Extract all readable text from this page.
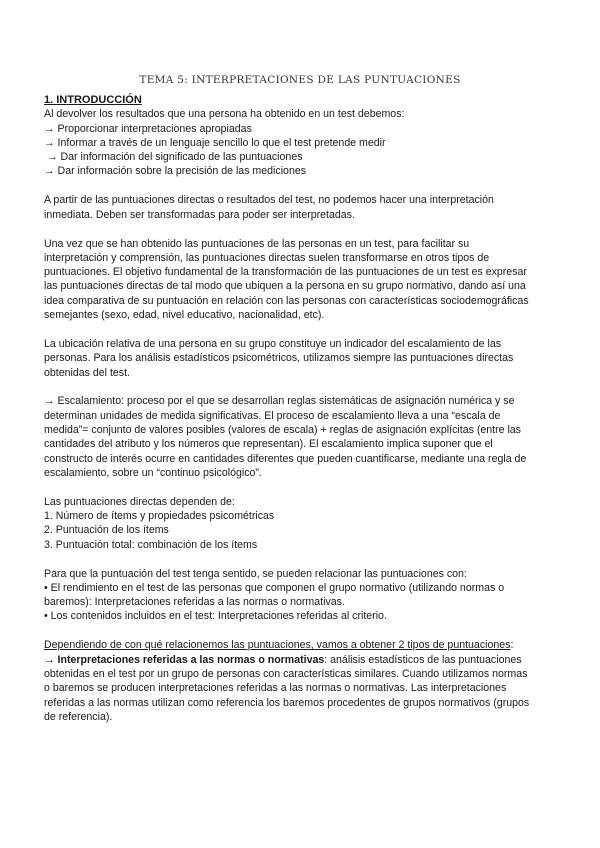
TEMA 5: INTERPRETACIONES DE LAS PUNTUACIONES
1. INTRODUCCIÓN
Al devolver los resultados que una persona ha obtenido en un test debemos:
→ Proporcionar interpretaciones apropiadas
→ Informar a través de un lenguaje sencillo lo que el test pretende medir
→ Dar información del significado de las puntuaciones
→ Dar información sobre la precisión de las mediciones
A partir de las puntuaciones directas o resultados del test, no podemos hacer una interpretación
inmediata. Deben ser transformadas para poder ser interpretadas.
Una vez que se han obtenido las puntuaciones de las personas en un test, para facilitar su
interpretación y comprensión, las puntuaciones directas suelen transformarse en otros tipos de
puntuaciones. El objetivo fundamental de la transformación de las puntuaciones de un test es expresar
las puntuaciones directas de tal modo que ubiquen a la persona en su grupo normativo, dando así una
idea comparativa de su puntuación en relación con las personas con características sociodemográficas
semejantes (sexo, edad, nivel educativo, nacionalidad, etc).
La ubicación relativa de una persona en su grupo constituye un indicador del escalamiento de las
personas. Para los análisis estadísticos psicométricos, utilizamos siempre las puntuaciones directas
obtenidas del test.
→ Escalamiento: proceso por el que se desarrollan reglas sistemáticas de asignación numérica y se
determinan unidades de medida significativas. El proceso de escalamiento lleva a una “escala de
medida”= conjunto de valores posibles (valores de escala) + reglas de asignación explícitas (entre las
cantidades del atributo y los números que representan). El escalamiento implica suponer que el
constructo de interés ocurre en cantidades diferentes que pueden cuantificarse, mediante una regla de
escalamiento, sobre un “continuo psicológico”.
Las puntuaciones directas dependen de:
1. Número de ítems y propiedades psicométricas
2. Puntuación de los ítems
3. Puntuación total: combinación de los ítems
Para que la puntuación del test tenga sentido, se pueden relacionar las puntuaciones con:
• El rendimiento en el test de las personas que componen el grupo normativo (utilizando normas o
baremos): Interpretaciones referidas a las normas o normativas.
• Los contenidos incluidos en el test: Interpretaciones referidas al criterio.
Dependiendo de con qué relacionemos las puntuaciones, vamos a obtener 2 tipos de puntuaciones:
→ Interpretaciones referidas a las normas o normativas: análisis estadísticos de las puntuaciones
obtenidas en el test por un grupo de personas con características similares. Cuando utilizamos normas
o baremos se producen interpretaciones referidas a las normas o normativas. Las interpretaciones
referidas a las normas utilizan como referencia los baremos procedentes de grupos normativos (grupos
de referencia).
